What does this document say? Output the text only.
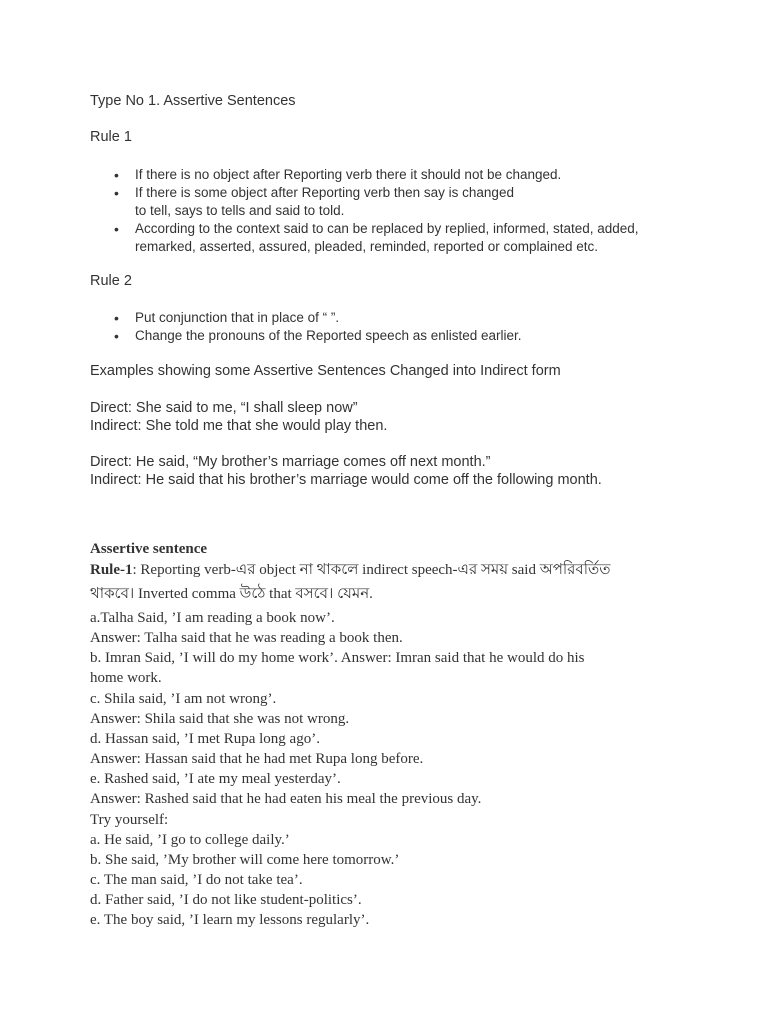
Type No 1. Assertive Sentences
Rule 1
• If there is no object after Reporting verb there it should not be changed.
• If there is some object after Reporting verb then say is changed
to tell, says to tells and said to told.
• According to the context said to can be replaced by replied, informed, stated, added,
remarked, asserted, assured, pleaded, reminded, reported or complained etc.
Rule 2
• Put conjunction that in place of “ ”.
• Change the pronouns of the Reported speech as enlisted earlier.
Examples showing some Assertive Sentences Changed into Indirect form
Direct: She said to me, “I shall sleep now”
Indirect: She told me that she would play then.
Direct: He said, “My brother’s marriage comes off next month.”
Indirect: He said that his brother’s marriage would come off the following month.
Assertive sentence
Rule-1: Reporting verb-এর object না থাকলে indirect speech-এর সময় said অপরিবর্তিত
থাকবে। Inverted comma উঠে that বসবে। যেমন.
a.Talha Said, ’I am reading a book now’.
Answer: Talha said that he was reading a book then.
b. Imran Said, ’I will do my home work’. Answer: Imran said that he would do his
home work.
c. Shila said, ’I am not wrong’.
Answer: Shila said that she was not wrong.
d. Hassan said, ’I met Rupa long ago’.
Answer: Hassan said that he had met Rupa long before.
e. Rashed said, ’I ate my meal yesterday’.
Answer: Rashed said that he had eaten his meal the previous day.
Try yourself:
a. He said, ’I go to college daily.’
b. She said, ’My brother will come here tomorrow.’
c. The man said, ’I do not take tea’.
d. Father said, ’I do not like student-politics’.
e. The boy said, ’I learn my lessons regularly’.
